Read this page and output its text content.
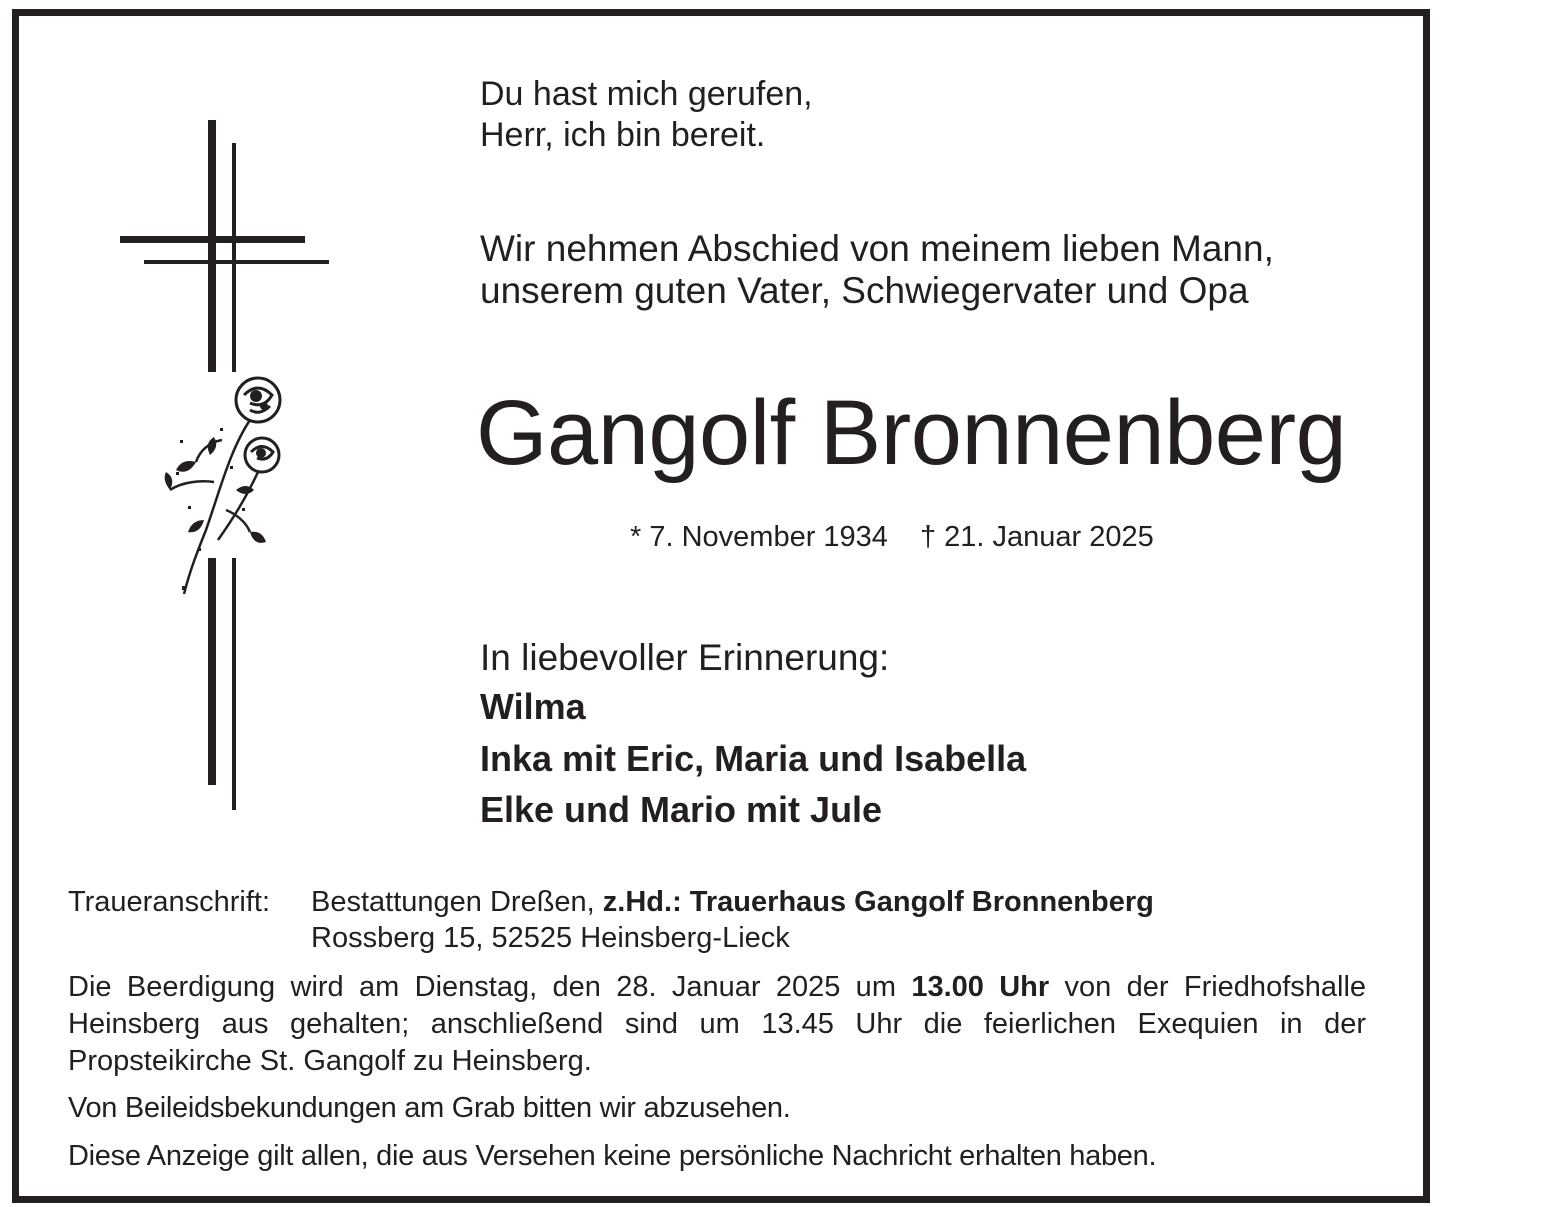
Du hast mich gerufen,
Herr, ich bin bereit.
Wir nehmen Abschied von meinem lieben Mann,
unserem guten Vater, Schwiegervater und Opa
Gangolf Bronnenberg
* 7. November 1934 † 21. Januar 2025
In liebevoller Erinnerung:
Wilma
Inka mit Eric, Maria und Isabella
Elke und Mario mit Jule
Traueranschrift: Bestattungen Dreßen, z.Hd.: Trauerhaus Gangolf Bronnenberg
Rossberg 15, 52525 Heinsberg-Lieck
Die Beerdigung wird am Dienstag, den 28. Januar 2025 um 13.00 Uhr von der Friedhofshalle Heinsberg aus gehalten; anschließend sind um 13.45 Uhr die feierlichen Exequien in der Propsteikirche St. Gangolf zu Heinsberg.
Von Beileidsbekundungen am Grab bitten wir abzusehen.
Diese Anzeige gilt allen, die aus Versehen keine persönliche Nachricht erhalten haben.
